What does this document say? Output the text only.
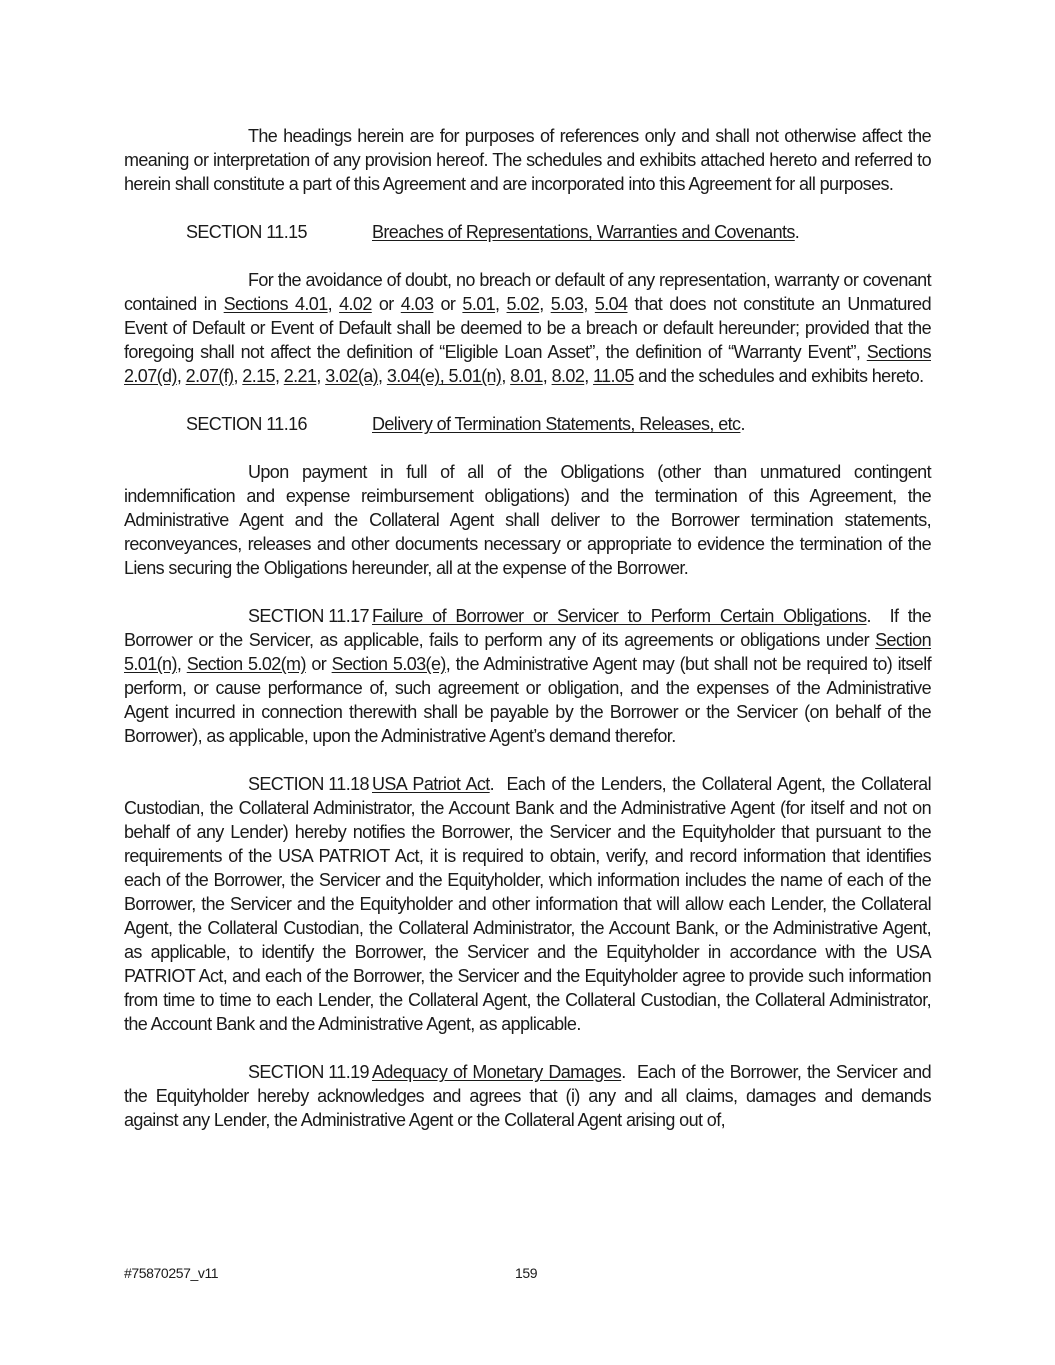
The headings herein are for purposes of references only and shall not otherwise affect the meaning or interpretation of any provision hereof. The schedules and exhibits attached hereto and referred to herein shall constitute a part of this Agreement and are incorporated into this Agreement for all purposes.

SECTION 11.15	Breaches of Representations, Warranties and Covenants.

For the avoidance of doubt, no breach or default of any representation, warranty or covenant contained in Sections 4.01, 4.02 or 4.03 or 5.01, 5.02, 5.03, 5.04 that does not constitute an Unmatured Event of Default or Event of Default shall be deemed to be a breach or default hereunder; provided that the foregoing shall not affect the definition of “Eligible Loan Asset”, the definition of “Warranty Event”, Sections 2.07(d), 2.07(f), 2.15, 2.21, 3.02(a), 3.04(e), 5.01(n), 8.01, 8.02, 11.05 and the schedules and exhibits hereto.

SECTION 11.16	Delivery of Termination Statements, Releases, etc.

Upon payment in full of all of the Obligations (other than unmatured contingent indemnification and expense reimbursement obligations) and the termination of this Agreement, the Administrative Agent and the Collateral Agent shall deliver to the Borrower termination statements, reconveyances, releases and other documents necessary or appropriate to evidence the termination of the Liens securing the Obligations hereunder, all at the expense of the Borrower.

SECTION 11.17 Failure of Borrower or Servicer to Perform Certain Obligations.  If the Borrower or the Servicer, as applicable, fails to perform any of its agreements or obligations under Section 5.01(n), Section 5.02(m) or Section 5.03(e), the Administrative Agent may (but shall not be required to) itself perform, or cause performance of, such agreement or obligation, and the expenses of the Administrative Agent incurred in connection therewith shall be payable by the Borrower or the Servicer (on behalf of the Borrower), as applicable, upon the Administrative Agent’s demand therefor.

SECTION 11.18 USA Patriot Act.  Each of the Lenders, the Collateral Agent, the Collateral Custodian, the Collateral Administrator, the Account Bank and the Administrative Agent (for itself and not on behalf of any Lender) hereby notifies the Borrower, the Servicer and the Equityholder that pursuant to the requirements of the USA PATRIOT Act, it is required to obtain, verify, and record information that identifies each of the Borrower, the Servicer and the Equityholder, which information includes the name of each of the Borrower, the Servicer and the Equityholder and other information that will allow each Lender, the Collateral Agent, the Collateral Custodian, the Collateral Administrator, the Account Bank, or the Administrative Agent, as applicable, to identify the Borrower, the Servicer and the Equityholder in accordance with the USA PATRIOT Act, and each of the Borrower, the Servicer and the Equityholder agree to provide such information from time to time to each Lender, the Collateral Agent, the Collateral Custodian, the Collateral Administrator, the Account Bank and the Administrative Agent, as applicable.

SECTION 11.19 Adequacy of Monetary Damages.  Each of the Borrower, the Servicer and the Equityholder hereby acknowledges and agrees that (i) any and all claims, damages and demands against any Lender, the Administrative Agent or the Collateral Agent arising out of,

#75870257_v11	159
